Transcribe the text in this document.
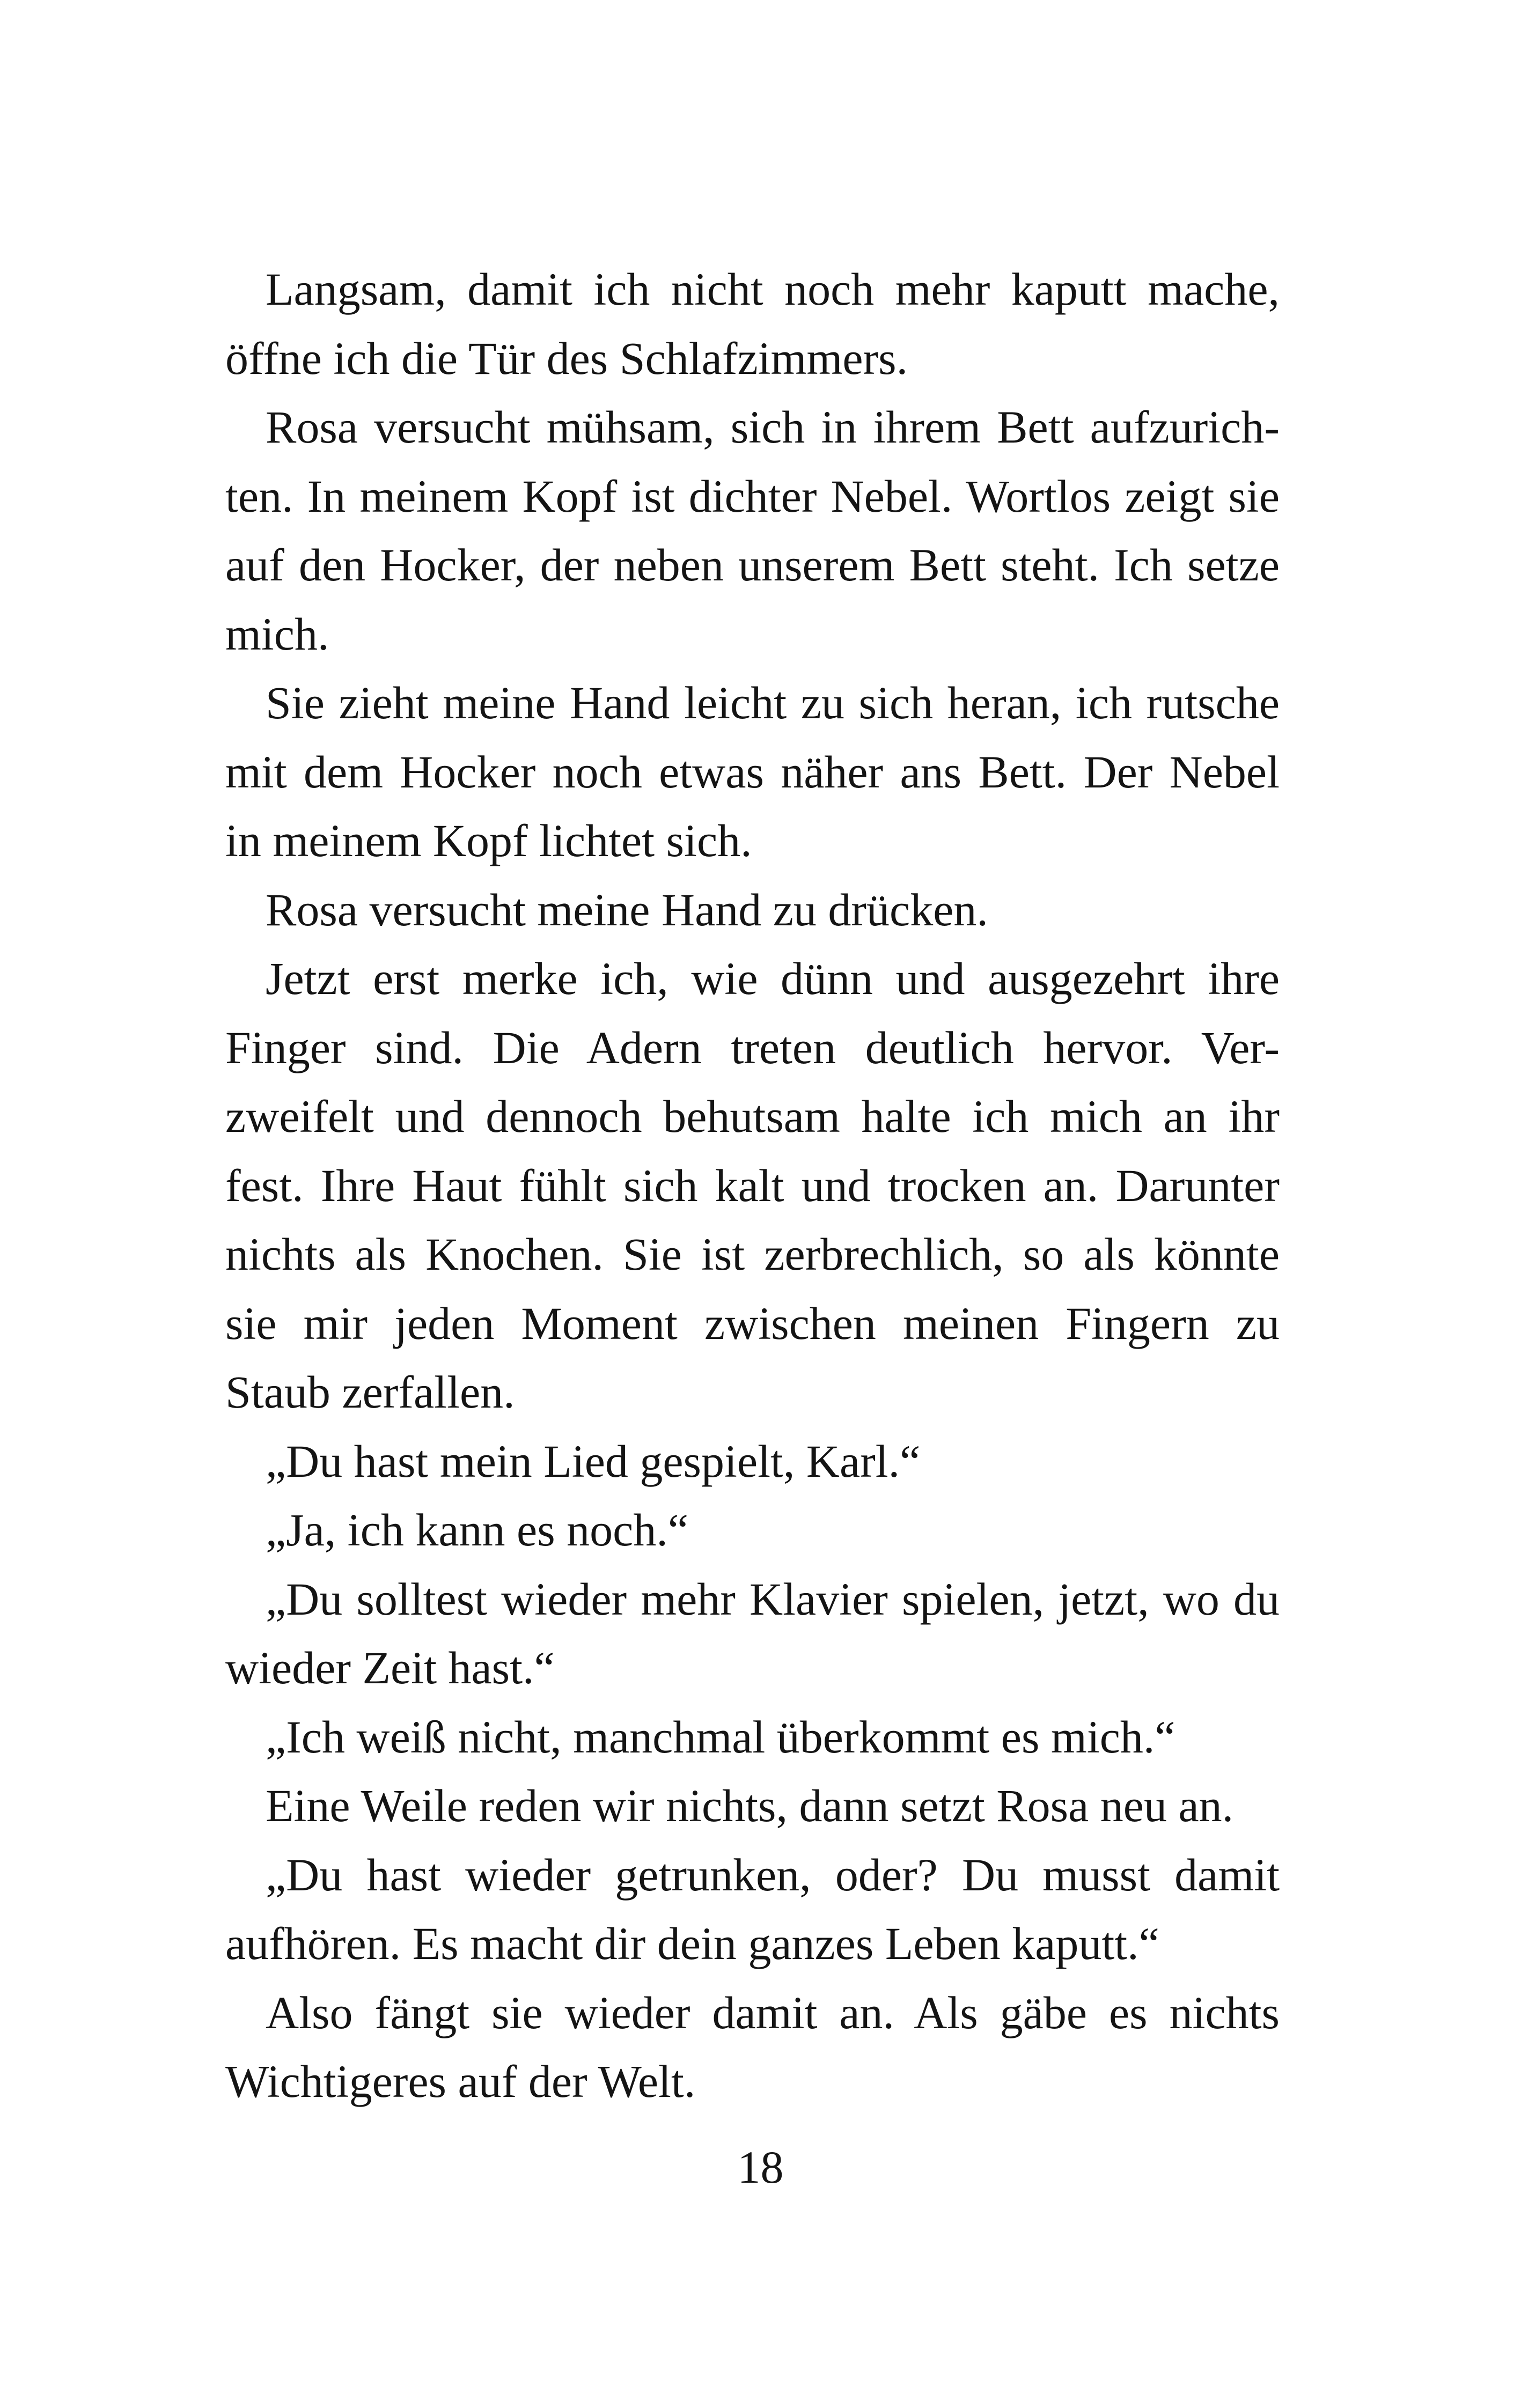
Langsam, damit ich nicht noch mehr kaputt mache, öffne ich die Tür des Schlafzimmers.

Rosa versucht mühsam, sich in ihrem Bett aufzurich-ten. In meinem Kopf ist dichter Nebel. Wortlos zeigt sie auf den Hocker, der neben unserem Bett steht. Ich setze mich.

Sie zieht meine Hand leicht zu sich heran, ich rutsche mit dem Hocker noch etwas näher ans Bett. Der Nebel in meinem Kopf lichtet sich.

Rosa versucht meine Hand zu drücken.

Jetzt erst merke ich, wie dünn und ausgezehrt ihre Finger sind. Die Adern treten deutlich hervor. Ver-zweifelt und dennoch behutsam halte ich mich an ihr fest. Ihre Haut fühlt sich kalt und trocken an. Darunter nichts als Knochen. Sie ist zerbrechlich, so als könnte sie mir jeden Moment zwischen meinen Fingern zu Staub zerfallen.

„Du hast mein Lied gespielt, Karl.“

„Ja, ich kann es noch.“

„Du solltest wieder mehr Klavier spielen, jetzt, wo du wieder Zeit hast.“

„Ich weiß nicht, manchmal überkommt es mich.“

Eine Weile reden wir nichts, dann setzt Rosa neu an.

„Du hast wieder getrunken, oder? Du musst damit aufhören. Es macht dir dein ganzes Leben kaputt.“

Also fängt sie wieder damit an. Als gäbe es nichts Wichtigeres auf der Welt.

18
